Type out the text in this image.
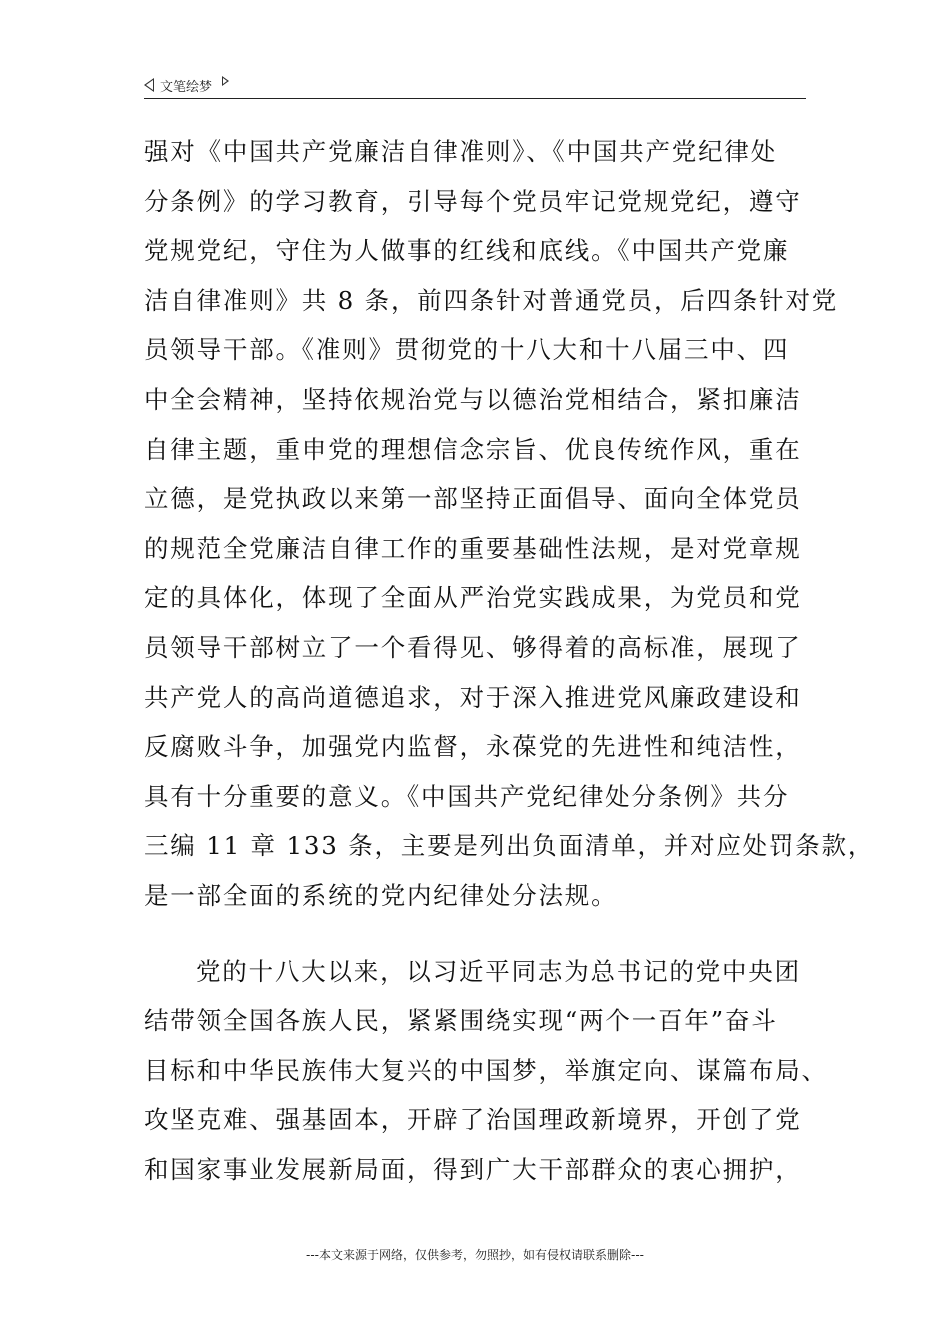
文笔绘梦

强对《中国共产党廉洁自律准则》、《中国共产党纪律处
分条例》的学习教育，引导每个党员牢记党规党纪，遵守
党规党纪，守住为人做事的红线和底线。《中国共产党廉
洁自律准则》共 8 条，前四条针对普通党员，后四条针对党
员领导干部。《准则》贯彻党的十八大和十八届三中、四
中全会精神，坚持依规治党与以德治党相结合，紧扣廉洁
自律主题，重申党的理想信念宗旨、优良传统作风，重在
立德，是党执政以来第一部坚持正面倡导、面向全体党员
的规范全党廉洁自律工作的重要基础性法规，是对党章规
定的具体化，体现了全面从严治党实践成果，为党员和党
员领导干部树立了一个看得见、够得着的高标准，展现了
共产党人的高尚道德追求，对于深入推进党风廉政建设和
反腐败斗争，加强党内监督，永葆党的先进性和纯洁性，
具有十分重要的意义。《中国共产党纪律处分条例》共分
三编 11 章 133 条，主要是列出负面清单，并对应处罚条款，
是一部全面的系统的党内纪律处分法规。

党的十八大以来，以习近平同志为总书记的党中央团
结带领全国各族人民，紧紧围绕实现“两个一百年”奋斗
目标和中华民族伟大复兴的中国梦，举旗定向、谋篇布局、
攻坚克难、强基固本，开辟了治国理政新境界，开创了党
和国家事业发展新局面，得到广大干部群众的衷心拥护，

---本文来源于网络，仅供参考，勿照抄，如有侵权请联系删除---
